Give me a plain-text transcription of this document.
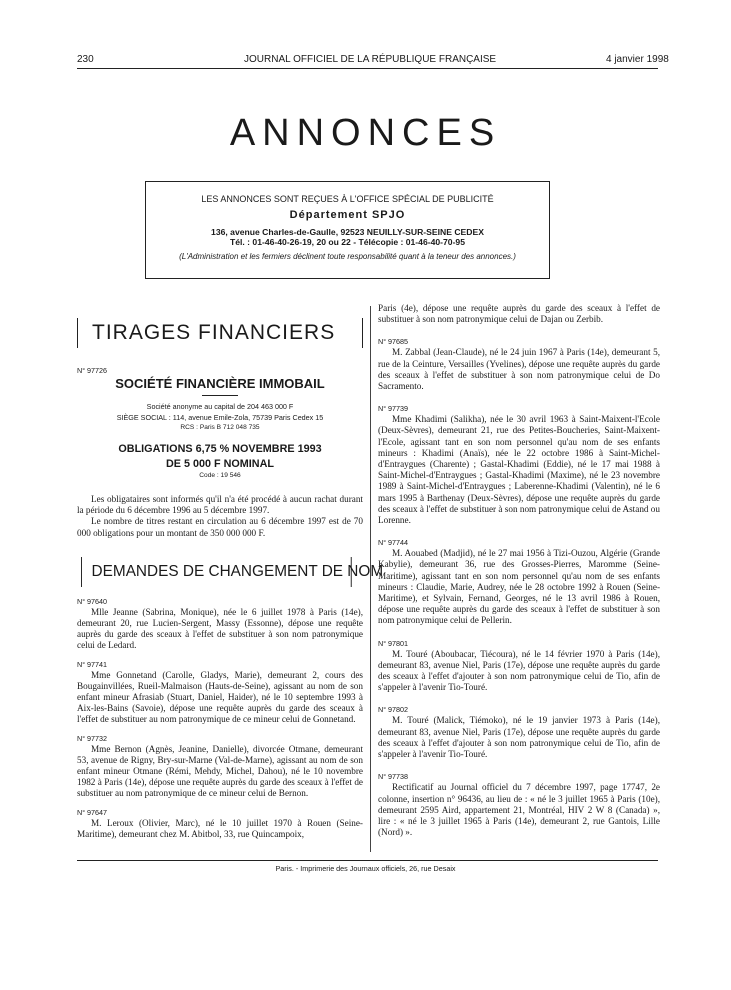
230	JOURNAL OFFICIEL DE LA RÉPUBLIQUE FRANÇAISE	4 janvier 1998
ANNONCES
LES ANNONCES SONT REÇUES À L'OFFICE SPÉCIAL DE PUBLICITÉ
Département SPJO
136, avenue Charles-de-Gaulle, 92523 NEUILLY-SUR-SEINE CEDEX
Tél. : 01-46-40-26-19, 20 ou 22 - Télécopie : 01-46-40-70-95
(L'Administration et les fermiers déclinent toute responsabilité quant à la teneur des annonces.)
TIRAGES FINANCIERS
N° 97726
SOCIÉTÉ FINANCIÈRE IMMOBAIL
Société anonyme au capital de 204 463 000 F
SIÈGE SOCIAL : 114, avenue Emile-Zola, 75739 Paris Cedex 15
RCS : Paris B 712 048 735
OBLIGATIONS 6,75 % NOVEMBRE 1993
DE 5 000 F NOMINAL
Code : 19 546

Les obligataires sont informés qu'il n'a été procédé à aucun rachat durant la période du 6 décembre 1996 au 5 décembre 1997.

Le nombre de titres restant en circulation au 6 décembre 1997 est de 70 000 obligations pour un montant de 350 000 000 F.

DEMANDES DE CHANGEMENT DE NOM
N° 97640

Mlle Jeanne (Sabrina, Monique), née le 6 juillet 1978 à Paris (14e), demeurant 20, rue Lucien-Sergent, Massy (Essonne), dépose une requête auprès du garde des sceaux à l'effet de substituer à son nom patronymique celui de Ledard.

N° 97741

Mme Gonnetand (Carolle, Gladys, Marie), demeurant 2, cours des Bougainvillées, Rueil-Malmaison (Hauts-de-Seine), agissant au nom de son enfant mineur Afrasiab (Stuart, Daniel, Haider), né le 10 septembre 1993 à Aix-les-Bains (Savoie), dépose une requête auprès du garde des sceaux à l'effet de substituer au nom patronymique de ce mineur celui de Gonnetand.

N° 97732

Mme Bernon (Agnès, Jeanine, Danielle), divorcée Otmane, demeurant 53, avenue de Rigny, Bry-sur-Marne (Val-de-Marne), agissant au nom de son enfant mineur Otmane (Rémi, Mehdy, Michel, Dahou), né le 10 novembre 1982 à Paris (14e), dépose une requête auprès du garde des sceaux à l'effet de substituer au nom patronymique de ce mineur celui de Bernon.

N° 97647

M. Leroux (Olivier, Marc), né le 10 juillet 1970 à Rouen (Seine-Maritime), demeurant chez M. Abitbol, 33, rue Quincampoix,

Paris (4e), dépose une requête auprès du garde des sceaux à l'effet de substituer à son nom patronymique celui de Dajan ou Zerbib.

N° 97685

M. Zabbal (Jean-Claude), né le 24 juin 1967 à Paris (14e), demeurant 5, rue de la Ceinture, Versailles (Yvelines), dépose une requête auprès du garde des sceaux à l'effet de substituer à son nom patronymique celui de Do Sacramento.

N° 97739

Mme Khadimi (Salikha), née le 30 avril 1963 à Saint-Maixent-l'Ecole (Deux-Sèvres), demeurant 21, rue des Petites-Boucheries, Saint-Maixent-l'Ecole, agissant tant en son nom personnel qu'au nom de ses enfants mineurs : Khadimi (Anaïs), née le 22 octobre 1986 à Saint-Michel-d'Entraygues (Charente) ; Gastal-Khadimi (Eddie), né le 17 mai 1988 à Saint-Michel-d'Entraygues ; Gastal-Khadimi (Maxime), né le 23 novembre 1989 à Saint-Michel-d'Entraygues ; Laberenne-Khadimi (Valentin), né le 6 mars 1995 à Barthenay (Deux-Sèvres), dépose une requête auprès du garde des sceaux à l'effet de substituer à son nom patronymique celui de Astand ou Lorenne.

N° 97744

M. Aouabed (Madjid), né le 27 mai 1956 à Tizi-Ouzou, Algérie (Grande Kabylie), demeurant 36, rue des Grosses-Pierres, Maromme (Seine-Maritime), agissant tant en son nom personnel qu'au nom de ses enfants mineurs : Claudie, Marie, Audrey, née le 28 octobre 1992 à Rouen (Seine-Maritime), et Sylvain, Fernand, Georges, né le 13 avril 1986 à Rouen, dépose une requête auprès du garde des sceaux à l'effet de substituer à son nom patronymique celui de Pellerin.

N° 97801

M. Touré (Aboubacar, Tiécoura), né le 14 février 1970 à Paris (14e), demeurant 83, avenue Niel, Paris (17e), dépose une requête auprès du garde des sceaux à l'effet d'ajouter à son nom patronymique celui de Tio, afin de s'appeler à l'avenir Tio-Touré.

N° 97802

M. Touré (Malick, Tiémoko), né le 19 janvier 1973 à Paris (14e), demeurant 83, avenue Niel, Paris (17e), dépose une requête auprès du garde des sceaux à l'effet d'ajouter à son nom patronymique celui de Tio, afin de s'appeler à l'avenir Tio-Touré.

N° 97738

Rectificatif au Journal officiel du 7 décembre 1997, page 17747, 2e colonne, insertion n° 96436, au lieu de : « né le 3 juillet 1965 à Paris (10e), demeurant 2595 Aird, appartement 21, Montréal, HIV 2 W 8 (Canada) », lire : « né le 3 juillet 1965 à Paris (14e), demeurant 2, rue Gantois, Lille (Nord) ».

Paris. - Imprimerie des Journaux officiels, 26, rue Desaix
